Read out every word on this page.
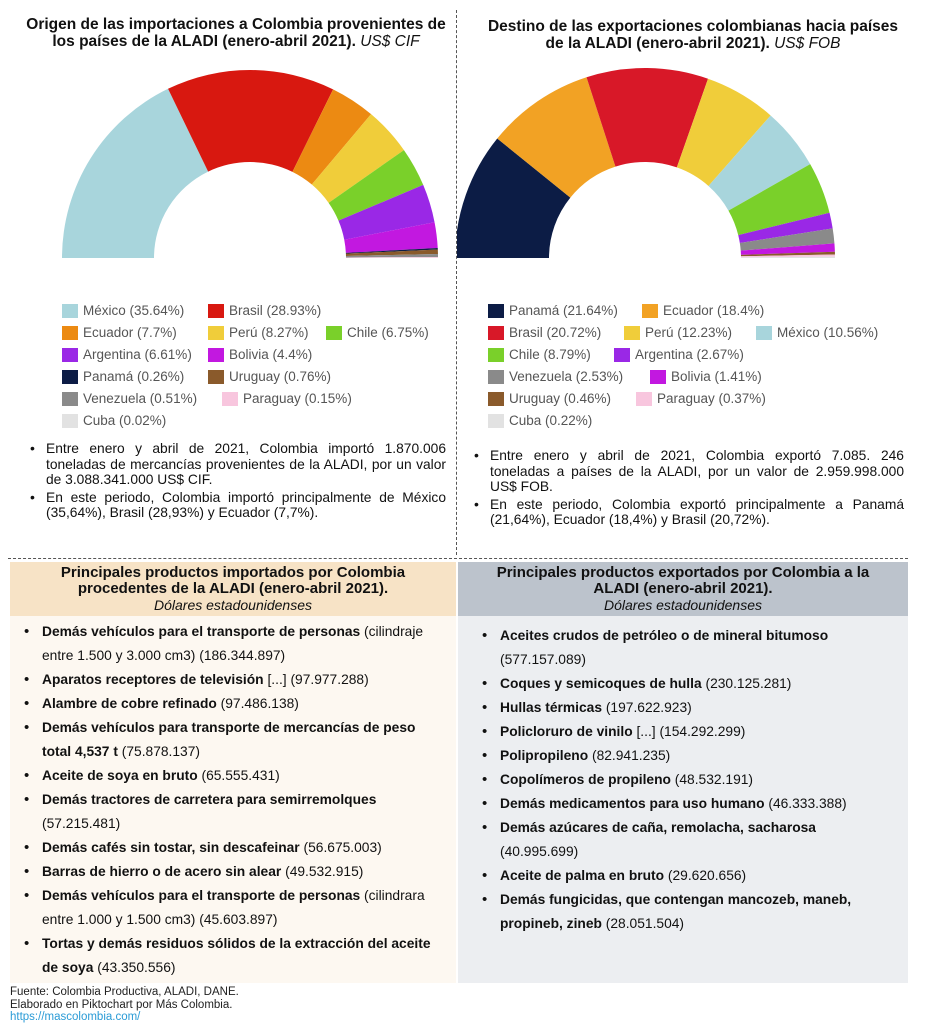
Origen de las importaciones a Colombia provenientes de los países de la ALADI (enero-abril 2021). US$ CIF
Destino de las exportaciones colombianas hacia países de la ALADI (enero-abril 2021). US$ FOB
México (35.64%)	Brasil (28.93%)
Ecuador (7.7%)	Perú (8.27%)	Chile (6.75%)
Argentina (6.61%)	Bolivia (4.4%)
Panamá (0.26%)	Uruguay (0.76%)
Venezuela (0.51%)	Paraguay (0.15%)
Cuba (0.02%)
Panamá (21.64%)	Ecuador (18.4%)
Brasil (20.72%)	Perú (12.23%)	México (10.56%)
Chile (8.79%)	Argentina (2.67%)
Venezuela (2.53%)	Bolivia (1.41%)
Uruguay (0.46%)	Paraguay (0.37%)
Cuba (0.22%)
• Entre enero y abril de 2021, Colombia importó 1.870.006 toneladas de mercancías provenientes de la ALADI, por un valor de 3.088.341.000 US$ CIF.
• En este periodo, Colombia importó principalmente de México (35,64%), Brasil (28,93%) y Ecuador (7,7%).
• Entre enero y abril de 2021, Colombia exportó 7.085. 246 toneladas a países de la ALADI, por un valor de 2.959.998.000 US$ FOB.
• En este periodo, Colombia exportó principalmente a Panamá (21,64%), Ecuador (18,4%) y Brasil (20,72%).
Principales productos importados por Colombia procedentes de la ALADI (enero-abril 2021).
Dólares estadounidenses
• Demás vehículos para el transporte de personas (cilindraje entre 1.500 y 3.000 cm3) (186.344.897)
• Aparatos receptores de televisión [...] (97.977.288)
• Alambre de cobre refinado (97.486.138)
• Demás vehículos para transporte de mercancías de peso total 4,537 t (75.878.137)
• Aceite de soya en bruto (65.555.431)
• Demás tractores de carretera para semirremolques (57.215.481)
• Demás cafés sin tostar, sin descafeinar (56.675.003)
• Barras de hierro o de acero sin alear (49.532.915)
• Demás vehículos para el transporte de personas (cilindrara entre 1.000 y 1.500 cm3) (45.603.897)
• Tortas y demás residuos sólidos de la extracción del aceite de soya (43.350.556)
Principales productos exportados por Colombia a la ALADI (enero-abril 2021).
Dólares estadounidenses
• Aceites crudos de petróleo o de mineral bitumoso (577.157.089)
• Coques y semicoques de hulla (230.125.281)
• Hullas térmicas (197.622.923)
• Policloruro de vinilo [...] (154.292.299)
• Polipropileno (82.941.235)
• Copolímeros de propileno (48.532.191)
• Demás medicamentos para uso humano (46.333.388)
• Demás azúcares de caña, remolacha, sacharosa (40.995.699)
• Aceite de palma en bruto (29.620.656)
• Demás fungicidas, que contengan mancozeb, maneb, propineb, zineb (28.051.504)
Fuente: Colombia Productiva, ALADI, DANE.
Elaborado en Piktochart por Más Colombia.
https://mascolombia.com/
